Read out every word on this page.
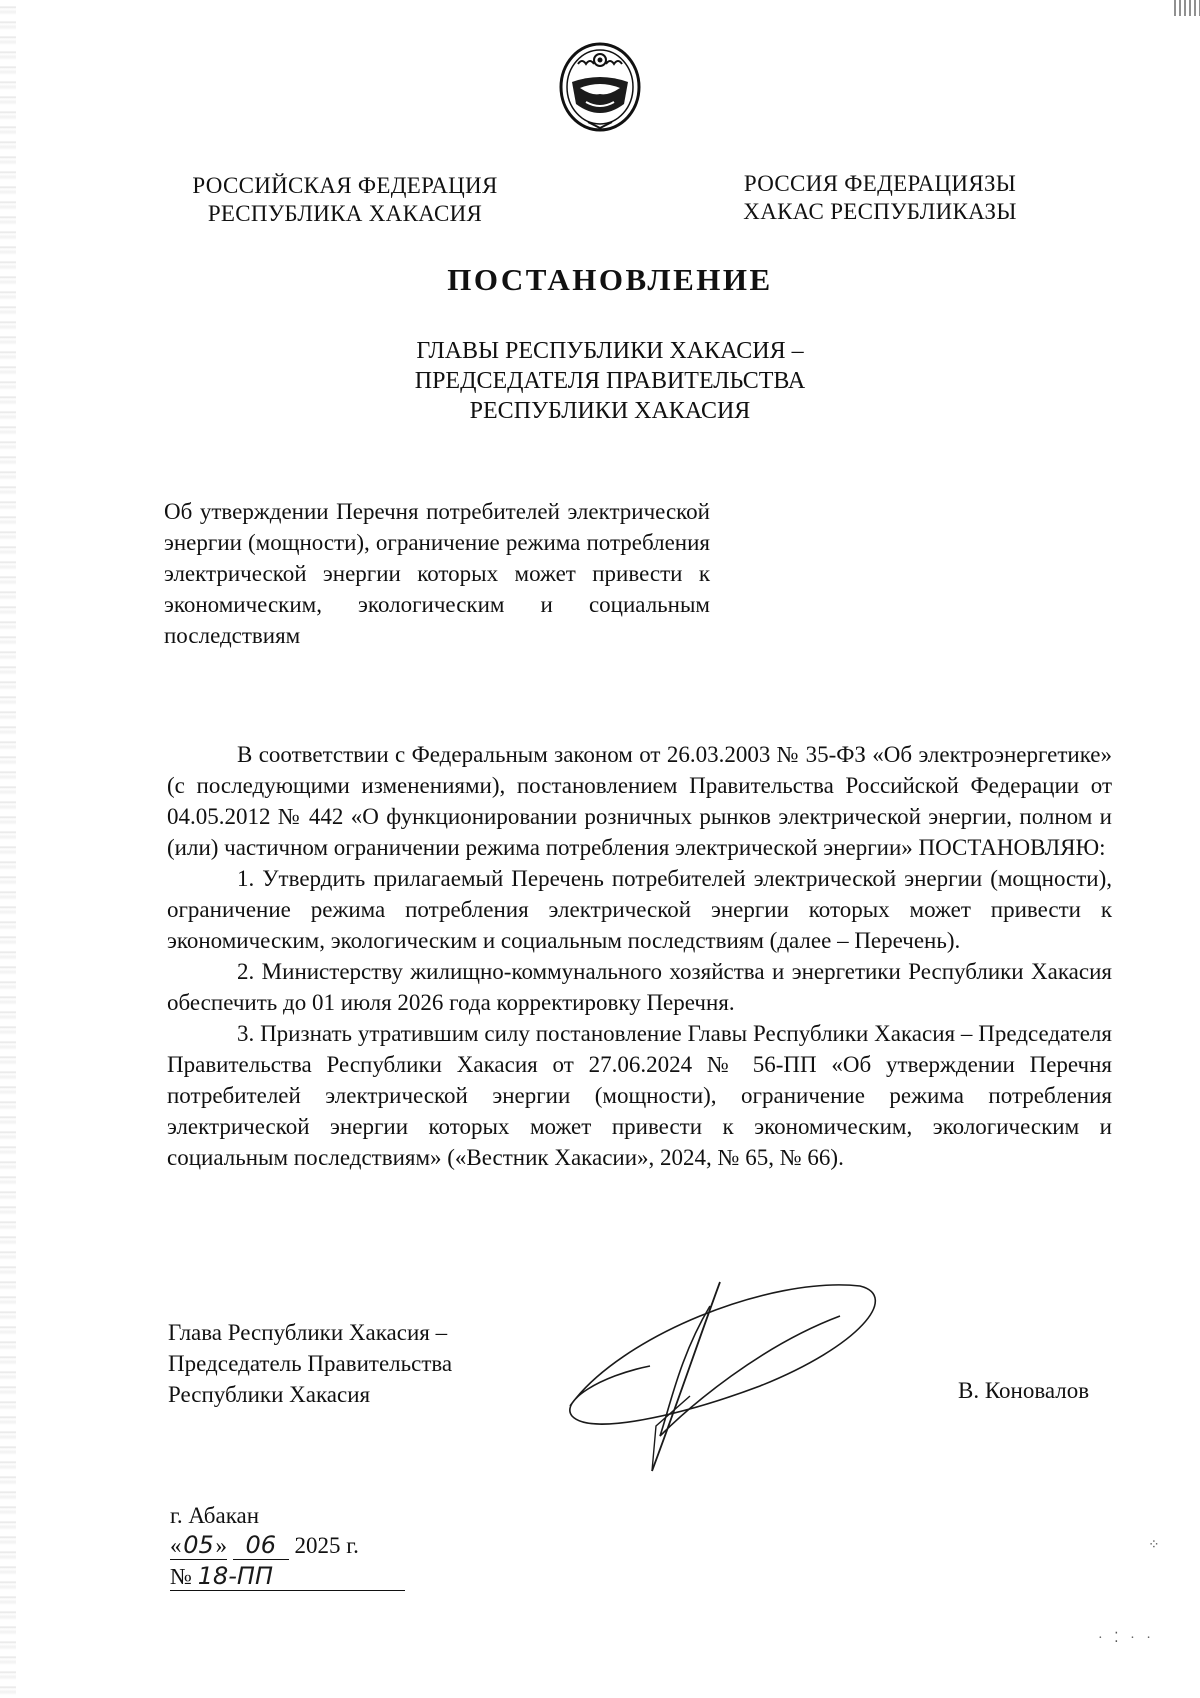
⁘
· ⁚ · ·
РОССИЙСКАЯ ФЕДЕРАЦИЯ
РЕСПУБЛИКА ХАКАСИЯ
РОССИЯ ФЕДЕРАЦИЯЗЫ
ХАКАС РЕСПУБЛИКАЗЫ
ПОСТАНОВЛЕНИЕ
ГЛАВЫ РЕСПУБЛИКИ ХАКАСИЯ –
ПРЕДСЕДАТЕЛЯ ПРАВИТЕЛЬСТВА
РЕСПУБЛИКИ ХАКАСИЯ
Об утверждении Перечня потребителей электрической энергии (мощности), ограничение режима потребления электрической энергии которых может привести к экономическим, экологическим и социальным последствиям

В соответствии с Федеральным законом от 26.03.2003 № 35-ФЗ «Об электроэнергетике» (с последующими изменениями), постановлением Правительства Российской Федерации от 04.05.2012 № 442 «О функционировании розничных рынков электрической энергии, полном и (или) частичном ограничении режима потребления электрической энергии» ПОСТАНОВЛЯЮ:

1. Утвердить прилагаемый Перечень потребителей электрической энергии (мощности), ограничение режима потребления электрической энергии которых может привести к экономическим, экологическим и социальным последствиям (далее – Перечень).

2. Министерству жилищно-коммунального хозяйства и энергетики Республики Хакасия обеспечить до 01 июля 2026 года корректировку Перечня.

3. Признать утратившим силу постановление Главы Республики Хакасия – Председателя Правительства Республики Хакасия от 27.06.2024 № 56-ПП «Об утверждении Перечня потребителей электрической энергии (мощности), ограничение режима потребления электрической энергии которых может привести к экономическим, экологическим и социальным последствиям» («Вестник Хакасии», 2024, № 65, № 66).

Глава Республики Хакасия –
Председатель Правительства
Республики Хакасия	В. Коновалов
г. Абакан
«05» 06 2025 г.
№ 18-ПП
